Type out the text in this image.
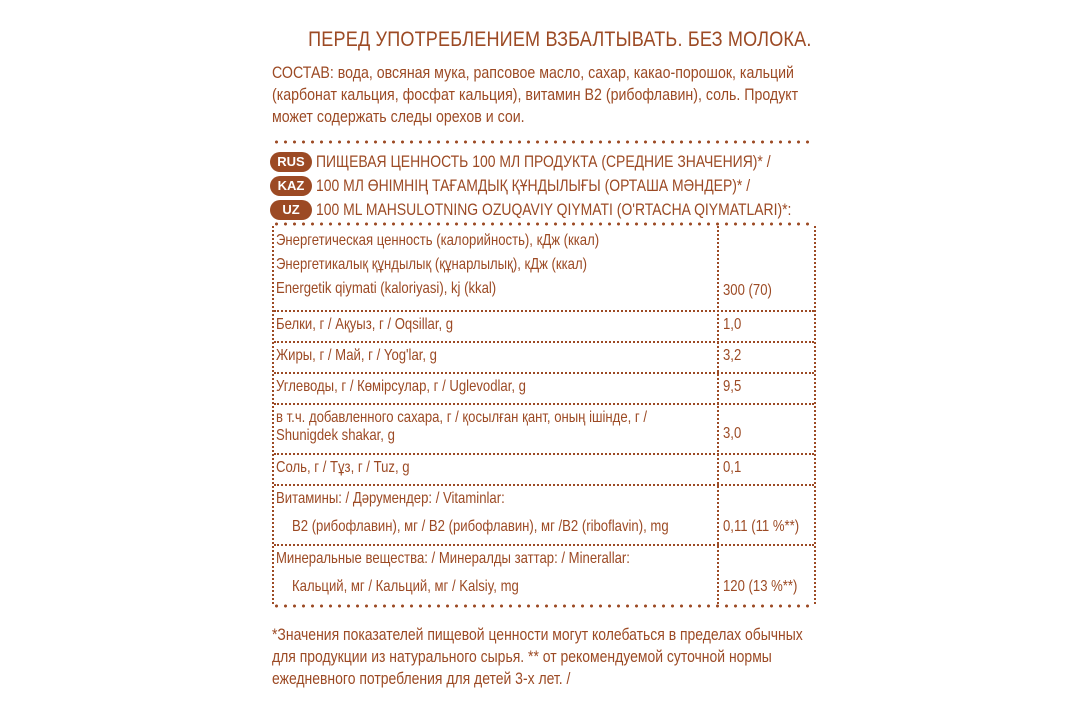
ПЕРЕД УПОТРЕБЛЕНИЕМ ВЗБАЛТЫВАТЬ. БЕЗ МОЛОКА.
СОСТАВ: вода, овсяная мука, рапсовое масло, сахар, какао-порошок, кальций (карбонат кальция, фосфат кальция), витамин В2 (рибофлавин), соль. Продукт может содержать следы орехов и сои.
RUS ПИЩЕВАЯ ЦЕННОСТЬ 100 МЛ ПРОДУКТА (СРЕДНИЕ ЗНАЧЕНИЯ)* /
KAZ 100 МЛ ӨНІМНІҢ ТАҒАМДЫҚ ҚҰНДЫЛЫҒЫ (ОРТАША МӘНДЕР)* /
UZ 100 ML MAHSULOTNING OZUQAVIY QIYMATI (O'RTACHA QIYMATLARI)*:
Энергетическая ценность (калорийность), кДж (ккал)
Энергетикалық құндылық (құнарлылық), кДж (ккал)
Energetik qiymati (kaloriyasi), kj (kkal)	300 (70)
Белки, г / Ақуыз, г / Oqsillar, g	1,0
Жиры, г / Май, г / Yog'lar, g	3,2
Углеводы, г / Көмірсулар, г / Uglevodlar, g	9,5
в т.ч. добавленного сахара, г / қосылған қант, оның ішінде, г /
Shunigdek shakar, g	3,0
Соль, г / Тұз, г / Tuz, g	0,1
Витамины: / Дәрумендер: / Vitaminlar:
В2 (рибофлавин), мг / В2 (рибофлавин), мг /В2 (riboflavin), mg	0,11 (11 %**)
Минеральные вещества: / Минералды заттар: / Minerallar:
Кальций, мг / Кальций, мг / Kalsiy, mg	120 (13 %**)
*Значения показателей пищевой ценности могут колебаться в пределах обычных для продукции из натурального сырья. ** от рекомендуемой суточной нормы ежедневного потребления для детей 3-х лет. /
